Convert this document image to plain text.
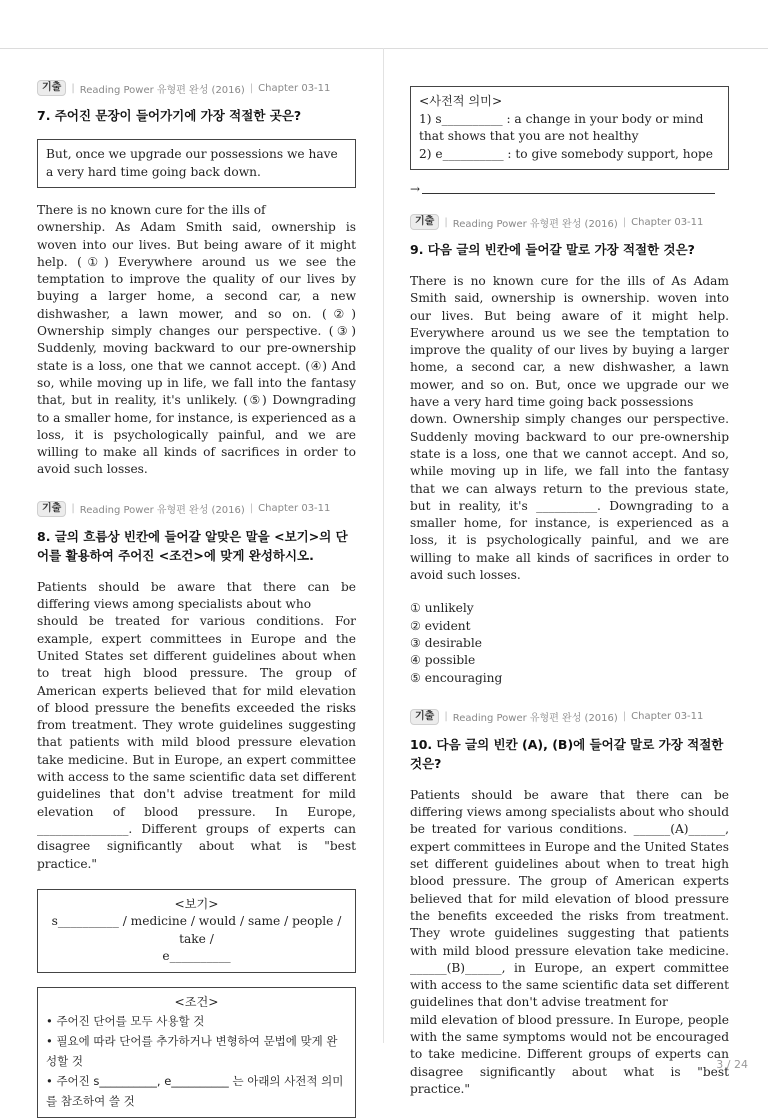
기출	| Reading Power 유형편 완성 (2016) | Chapter 03-11
7. 주어진 문장이 들어가기에 가장 적절한 곳은?
But, once we upgrade our possessions we have a very hard time going back down.

There is no known cure for the ills of

ownership. As Adam Smith said, ownership is woven into our lives. But being aware of it might help. (①) Everywhere around us we see the temptation to improve the quality of our lives by buying a larger home, a second car, a new dishwasher, a lawn mower, and so on. (②) Ownership simply changes our perspective. (③) Suddenly, moving backward to our pre-ownership state is a loss, one that we cannot accept. (④) And so, while moving up in life, we fall into the fantasy that, but in reality, it's unlikely. (⑤) Downgrading to a smaller home, for instance, is experienced as a loss, it is psychologically painful, and we are willing to make all kinds of sacrifices in order to avoid such losses.

기출	| Reading Power 유형편 완성 (2016) | Chapter 03-11
8. 글의 흐름상 빈칸에 들어갈 알맞은 말을 <보기>의 단어를 활용하여 주어진 <조건>에 맞게 완성하시오.

Patients should be aware that there can be differing views among specialists about who

should be treated for various conditions. For example, expert committees in Europe and the United States set different guidelines about when to treat high blood pressure. The group of American experts believed that for mild elevation of blood pressure the benefits exceeded the risks from treatment. They wrote guidelines suggesting that patients with mild blood pressure elevation take medicine. But in Europe, an expert committee with access to the same scientific data set different guidelines that don't advise treatment for mild elevation of blood pressure. In Europe, _______________. Different groups of experts can disagree significantly about what is "best practice."

<보기>
s__________ / medicine / would / same / people / take /
e__________
<조건>
• 주어진 단어를 모두 사용할 것
• 필요에 따라 단어를 추가하거나 변형하여 문법에 맞게 완성할 것
• 주어진 s__________, e__________ 는 아래의 사전적 의미를 참조하여 쓸 것
<사전적 의미>
1) s__________ : a change in your body or mind that shows that you are not healthy
2) e__________ : to give somebody support, hope
→
기출	| Reading Power 유형편 완성 (2016) | Chapter 03-11
9. 다음 글의 빈칸에 들어갈 말로 가장 적절한 것은?

There is no known cure for the ills of As Adam Smith said, ownership is ownership. woven into our lives. But being aware of it might help. Everywhere around us we see the temptation to improve the quality of our lives by buying a larger home, a second car, a new dishwasher, a lawn mower, and so on. But, once we upgrade our we have a very hard time going back possessions

down. Ownership simply changes our perspective. Suddenly moving backward to our pre-ownership state is a loss, one that we cannot accept. And so, while moving up in life, we fall into the fantasy that we can always return to the previous state, but in reality, it's __________. Downgrading to a smaller home, for instance, is experienced as a loss, it is psychologically painful, and we are willing to make all kinds of sacrifices in order to avoid such losses.

① unlikely
② evident
③ desirable
④ possible
⑤ encouraging
기출	| Reading Power 유형편 완성 (2016) | Chapter 03-11
10. 다음 글의 빈칸 (A), (B)에 들어갈 말로 가장 적절한 것은?

Patients should be aware that there can be differing views among specialists about who should be treated for various conditions. ______(A)______, expert committees in Europe and the United States set different guidelines about when to treat high blood pressure. The group of American experts believed that for mild elevation of blood pressure the benefits exceeded the risks from treatment. They wrote guidelines suggesting that patients with mild blood pressure elevation take medicine. ______(B)______, in Europe, an expert committee with access to the same scientific data set different guidelines that don't advise treatment for

mild elevation of blood pressure. In Europe, people with the same symptoms would not be encouraged to take medicine. Different groups of experts can disagree significantly about what is "best practice."

3 / 24
